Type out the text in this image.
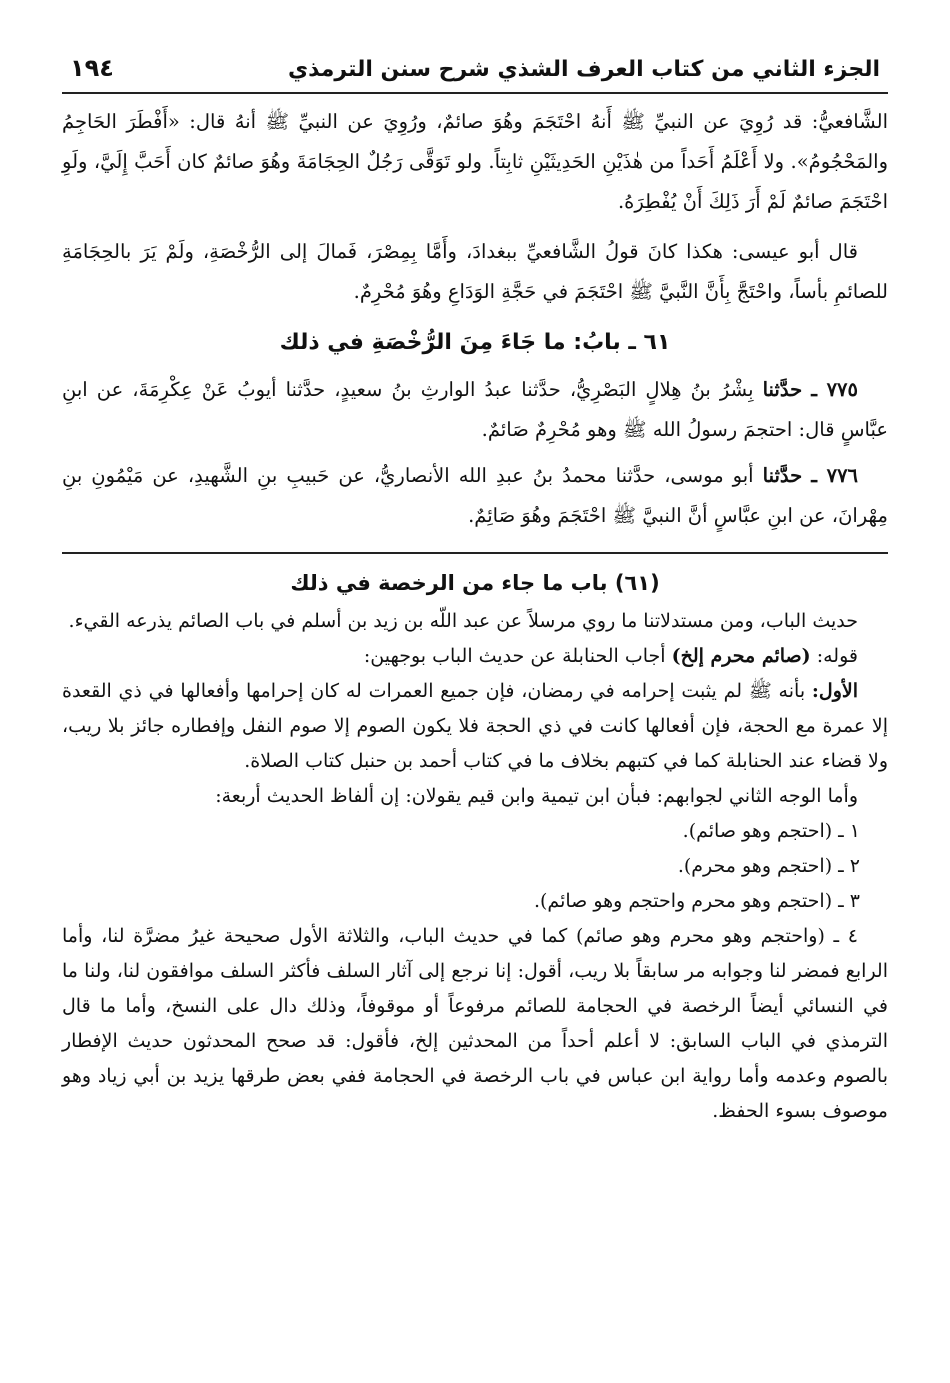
الجزء الثاني من كتاب العرف الشذي شرح سنن الترمذي
١٩٤

الشَّافعيُّ: قد رُوِيَ عن النبيِّ ﷺ أَنهُ احْتَجَمَ وهُوَ صائمٌ، ورُوِيَ عن النبيِّ ﷺ أنهُ قال: «أَفْطَرَ الحَاجِمُ والمَحْجُومُ». ولا أَعْلَمُ أَحَداً من هٰذَيْنِ الحَدِيثَيْنِ ثابِتاً. ولو تَوَقَّى رَجُلٌ الحِجَامَةَ وهُوَ صائمٌ كان أَحَبَّ إِلَيَّ، ولَوِ احْتَجَمَ صائمٌ لَمْ أَرَ ذَلِكَ أَنْ يُفْطِرَهُ.

قال أبو عيسى: هكذا كانَ قولُ الشَّافعيِّ ببغدادَ، وأَمَّا بِمِصْرَ، فَمالَ إلى الرُّخْصَةِ، ولَمْ يَرَ بالحِجَامَةِ للصائمِ بأساً، واحْتَجَّ بِأَنَّ النَّبيَّ ﷺ احْتَجَمَ في حَجَّةِ الوَدَاعِ وهُوَ مُحْرِمٌ.

٦١ ـ بابُ: ما جَاءَ مِنَ الرُّخْصَةِ في ذلك

٧٧٥ ـ حدَّثنا بِشْرُ بنُ هِلالٍ البَصْرِيُّ، حدَّثنا عبدُ الوارثِ بنُ سعيدٍ، حدَّثنا أيوبُ عَنْ عِكْرِمَةَ، عن ابنِ عبَّاسٍ قال: احتجمَ رسولُ الله ﷺ وهو مُحْرِمٌ صَائمٌ.

٧٧٦ ـ حدَّثنا أبو موسى، حدَّثنا محمدُ بنُ عبدِ الله الأنصاريُّ، عن حَبيبِ بنِ الشَّهيدِ، عن مَيْمُونِ بنِ مِهْرانَ، عن ابنِ عبَّاسٍ أنَّ النبيَّ ﷺ احْتَجَمَ وهُوَ صَائِمٌ.

(٦١) باب ما جاء من الرخصة في ذلك

حديث الباب، ومن مستدلاتنا ما روي مرسلاً عن عبد اللّه بن زيد بن أسلم في باب الصائم يذرعه القيء.

قوله: (صائم محرم إلخ) أجاب الحنابلة عن حديث الباب بوجهين:

الأول: بأنه ﷺ لم يثبت إحرامه في رمضان، فإن جميع العمرات له كان إحرامها وأفعالها في ذي القعدة إلا عمرة مع الحجة، فإن أفعالها كانت في ذي الحجة فلا يكون الصوم إلا صوم النفل وإفطاره جائز بلا ريب، ولا قضاء عند الحنابلة كما في كتبهم بخلاف ما في كتاب أحمد بن حنبل كتاب الصلاة.

وأما الوجه الثاني لجوابهم: فبأن ابن تيمية وابن قيم يقولان: إن ألفاظ الحديث أربعة:

١ ـ (احتجم وهو صائم).

٢ ـ (احتجم وهو محرم).

٣ ـ (احتجم وهو محرم واحتجم وهو صائم).

٤ ـ (واحتجم وهو محرم وهو صائم) كما في حديث الباب، والثلاثة الأول صحيحة غيرُ مضرَّة لنا، وأما الرابع فمضر لنا وجوابه مر سابقاً بلا ريب، أقول: إنا نرجع إلى آثار السلف فأكثر السلف موافقون لنا، ولنا ما في النسائي أيضاً الرخصة في الحجامة للصائم مرفوعاً أو موقوفاً، وذلك دال على النسخ، وأما ما قال الترمذي في الباب السابق: لا أعلم أحداً من المحدثين إلخ، فأقول: قد صحح المحدثون حديث الإفطار بالصوم وعدمه وأما رواية ابن عباس في باب الرخصة في الحجامة ففي بعض طرقها يزيد بن أبي زياد وهو موصوف بسوء الحفظ.
